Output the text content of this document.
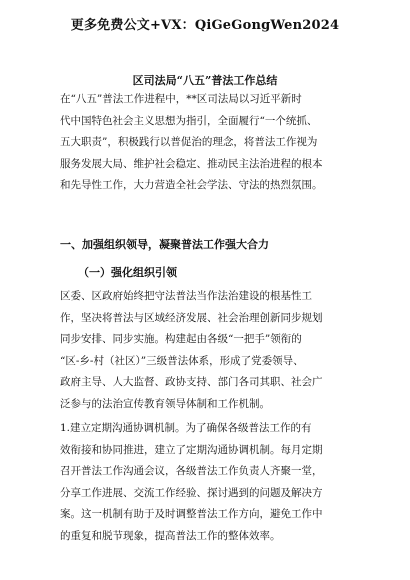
更多免费公文+VX：QiGeGongWen2024
区司法局“八五”普法工作总结

在“八五”普法工作进程中，**区司法局以习近平新时
代中国特色社会主义思想为指引，全面履行“一个统抓、
五大职责”，积极践行以普促治的理念，将普法工作视为
服务发展大局、维护社会稳定、推动民主法治进程的根本
和先导性工作，大力营造全社会学法、守法的热烈氛围。

一、加强组织领导，凝聚普法工作强大合力
（一）强化组织引领

区委、区政府始终把守法普法当作法治建设的根基性工
作，坚决将普法与区域经济发展、社会治理创新同步规划
同步安排、同步实施。构建起由各级“一把手”领衔的
“区-乡-村（社区）”三级普法体系，形成了党委领导、
政府主导、人大监督、政协支持、部门各司其职、社会广
泛参与的法治宣传教育领导体制和工作机制。

1.建立定期沟通协调机制。为了确保各级普法工作的有
效衔接和协同推进，建立了定期沟通协调机制。每月定期
召开普法工作沟通会议，各级普法工作负责人齐聚一堂，
分享工作进展、交流工作经验、探讨遇到的问题及解决方
案。这一机制有助于及时调整普法工作方向，避免工作中
的重复和脱节现象，提高普法工作的整体效率。
